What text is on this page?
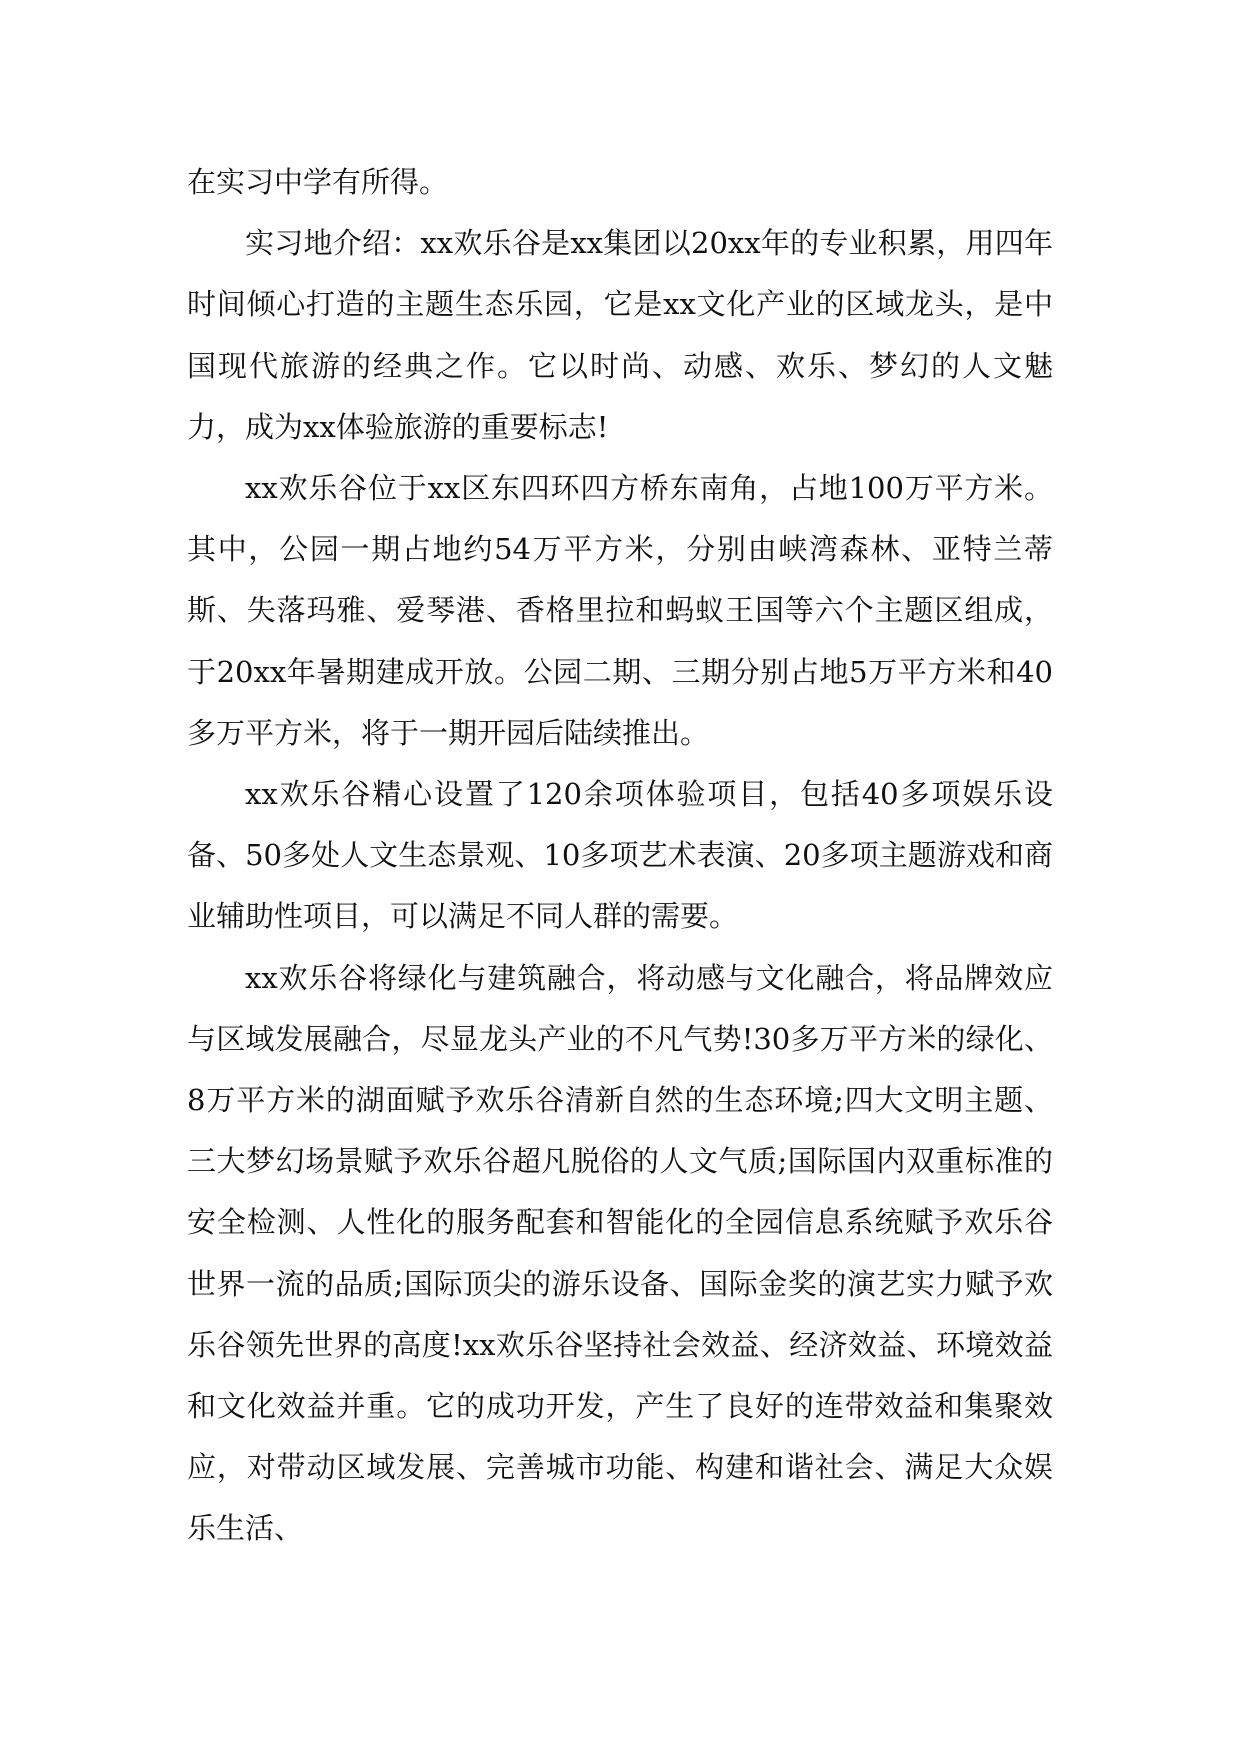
在实习中学有所得。

实习地介绍：xx欢乐谷是xx集团以20xx年的专业积累，用四年时间倾心打造的主题生态乐园，它是xx文化产业的区域龙头，是中国现代旅游的经典之作。它以时尚、动感、欢乐、梦幻的人文魅力，成为xx体验旅游的重要标志!

xx欢乐谷位于xx区东四环四方桥东南角，占地100万平方米。其中，公园一期占地约54万平方米，分别由峡湾森林、亚特兰蒂斯、失落玛雅、爱琴港、香格里拉和蚂蚁王国等六个主题区组成，于20xx年暑期建成开放。公园二期、三期分别占地5万平方米和40多万平方米，将于一期开园后陆续推出。

xx欢乐谷精心设置了120余项体验项目，包括40多项娱乐设备、50多处人文生态景观、10多项艺术表演、20多项主题游戏和商业辅助性项目，可以满足不同人群的需要。

xx欢乐谷将绿化与建筑融合，将动感与文化融合，将品牌效应与区域发展融合，尽显龙头产业的不凡气势!30多万平方米的绿化、8万平方米的湖面赋予欢乐谷清新自然的生态环境;四大文明主题、三大梦幻场景赋予欢乐谷超凡脱俗的人文气质;国际国内双重标准的安全检测、人性化的服务配套和智能化的全园信息系统赋予欢乐谷世界一流的品质;国际顶尖的游乐设备、国际金奖的演艺实力赋予欢乐谷领先世界的高度!xx欢乐谷坚持社会效益、经济效益、环境效益和文化效益并重。它的成功开发，产生了良好的连带效益和集聚效应，对带动区域发展、完善城市功能、构建和谐社会、满足大众娱乐生活、
